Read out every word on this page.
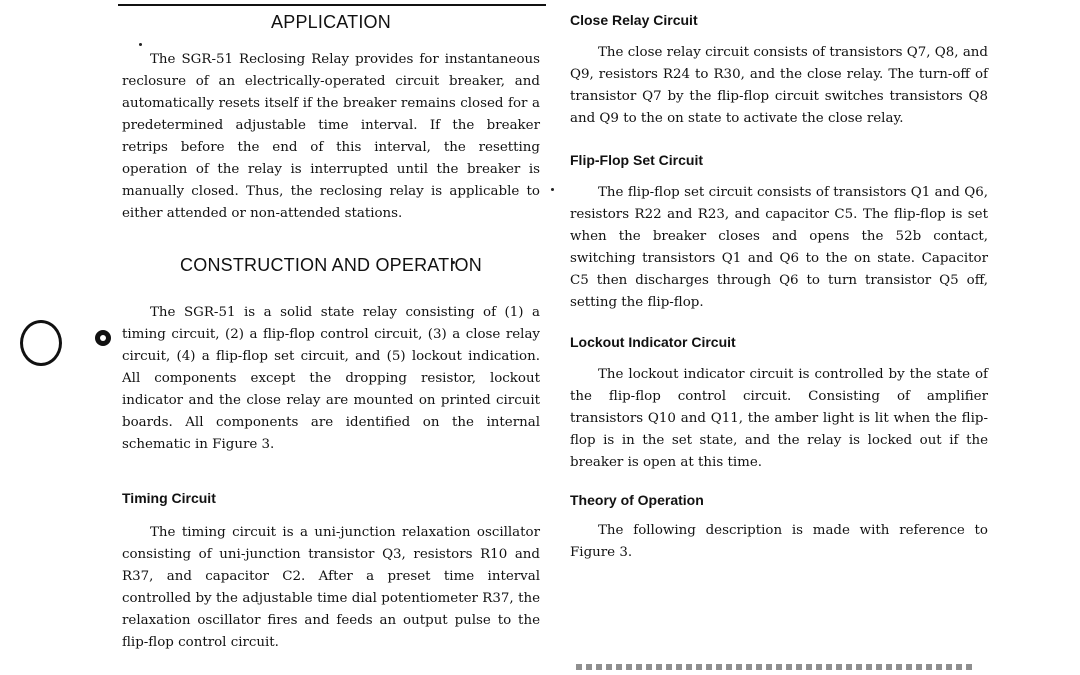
APPLICATION

The SGR-51 Reclosing Relay provides for instantaneous reclosure of an electrically-operated circuit breaker, and automatically resets itself if the breaker remains closed for a predetermined adjustable time interval. If the breaker retrips before the end of this interval, the resetting operation of the relay is interrupted until the breaker is manually closed. Thus, the reclosing relay is applicable to either attended or non-attended stations.

CONSTRUCTION AND OPERATION

The SGR-51 is a solid state relay consisting of (1) a timing circuit, (2) a flip-flop control circuit, (3) a close relay circuit, (4) a flip-flop set circuit, and (5) lockout indication. All components except the dropping resistor, lockout indicator and the close relay are mounted on printed circuit boards. All components are identified on the internal schematic in Figure 3.

Timing Circuit

The timing circuit is a uni-junction relaxation oscillator consisting of uni-junction transistor Q3, resistors R10 and R37, and capacitor C2. After a preset time interval controlled by the adjustable time dial potentiometer R37, the relaxation oscillator fires and feeds an output pulse to the flip-flop control circuit.

Close Relay Circuit

The close relay circuit consists of transistors Q7, Q8, and Q9, resistors R24 to R30, and the close relay. The turn-off of transistor Q7 by the flip-flop circuit switches transistors Q8 and Q9 to the on state to activate the close relay.

Flip-Flop Set Circuit

The flip-flop set circuit consists of transistors Q1 and Q6, resistors R22 and R23, and capacitor C5. The flip-flop is set when the breaker closes and opens the 52b contact, switching transistors Q1 and Q6 to the on state. Capacitor C5 then discharges through Q6 to turn transistor Q5 off, setting the flip-flop.

Lockout Indicator Circuit

The lockout indicator circuit is controlled by the state of the flip-flop control circuit. Consisting of amplifier transistors Q10 and Q11, the amber light is lit when the flip-flop is in the set state, and the relay is locked out if the breaker is open at this time.

Theory of Operation

The following description is made with reference to Figure 3.
